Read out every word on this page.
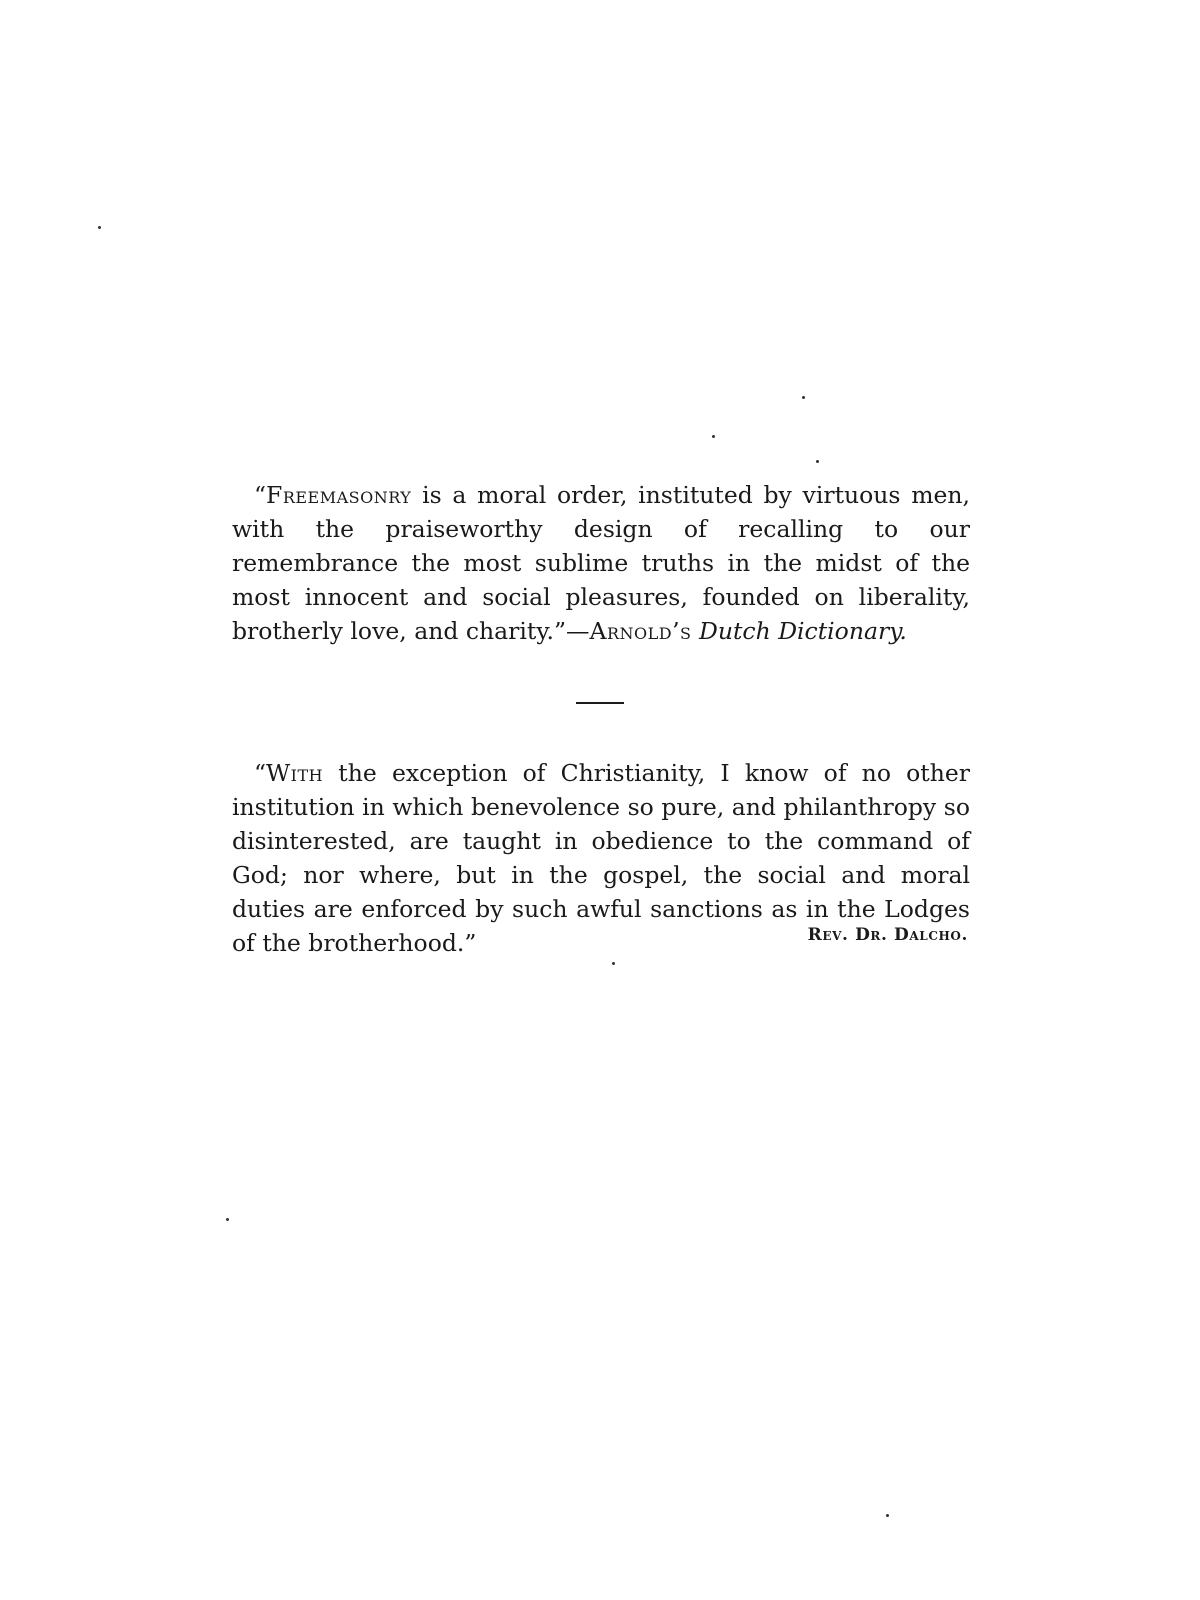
“Freemasonry is a moral order, instituted by virtuous men, with the praiseworthy design of recalling to our remembrance the most sublime truths in the midst of the most innocent and social pleasures, founded on liberality, brotherly love, and charity.”—Arnold’s Dutch Dictionary.
“With the exception of Christianity, I know of no other institution in which benevolence so pure, and philanthropy so disinterested, are taught in obedience to the command of God; nor where, but in the gospel, the social and moral duties are enforced by such awful sanctions as in the Lodges of the brotherhood.”	Rev. Dr. Dalcho.
